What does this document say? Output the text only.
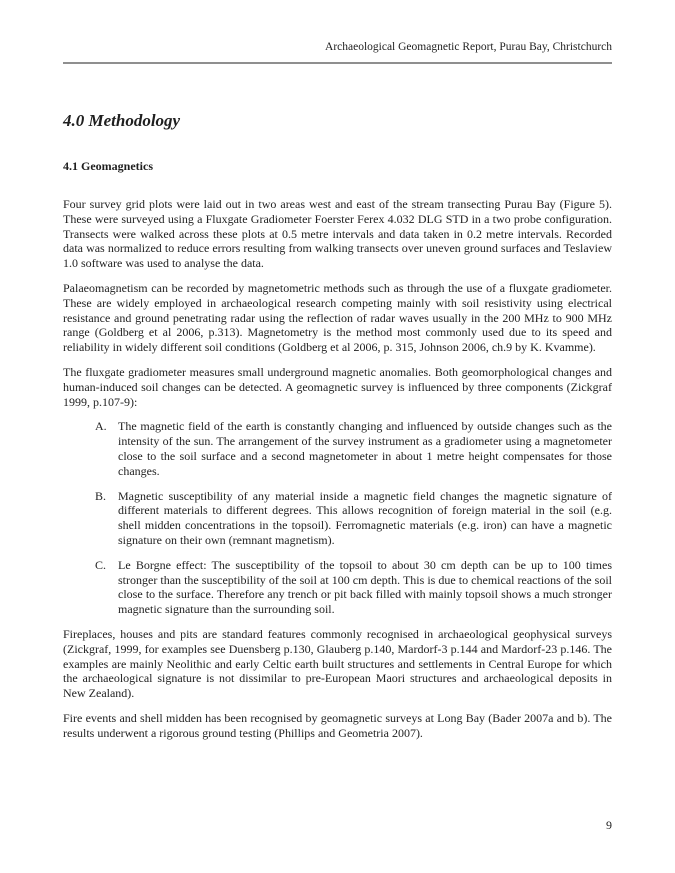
Archaeological Geomagnetic Report, Purau Bay, Christchurch
4.0 Methodology
4.1 Geomagnetics

Four survey grid plots were laid out in two areas west and east of the stream transecting Purau Bay (Figure 5). These were surveyed using a Fluxgate Gradiometer Foerster Ferex 4.032 DLG STD in a two probe configuration. Transects were walked across these plots at 0.5 metre intervals and data taken in 0.2 metre intervals. Recorded data was normalized to reduce errors resulting from walking transects over uneven ground surfaces and Teslaview 1.0 software was used to analyse the data.

Palaeomagnetism can be recorded by magnetometric methods such as through the use of a fluxgate gradiometer. These are widely employed in archaeological research competing mainly with soil resistivity using electrical resistance and ground penetrating radar using the reflection of radar waves usually in the 200 MHz to 900 MHz range (Goldberg et al 2006, p.313). Magnetometry is the method most commonly used due to its speed and reliability in widely different soil conditions (Goldberg et al 2006, p. 315, Johnson 2006, ch.9 by K. Kvamme).

The fluxgate gradiometer measures small underground magnetic anomalies. Both geomorphological changes and human-induced soil changes can be detected. A geomagnetic survey is influenced by three components (Zickgraf 1999, p.107-9):

A. The magnetic field of the earth is constantly changing and influenced by outside changes such as the intensity of the sun. The arrangement of the survey instrument as a gradiometer using a magnetometer close to the soil surface and a second magnetometer in about 1 metre height compensates for those changes.
B. Magnetic susceptibility of any material inside a magnetic field changes the magnetic signature of different materials to different degrees. This allows recognition of foreign material in the soil (e.g. shell midden concentrations in the topsoil). Ferromagnetic materials (e.g. iron) can have a magnetic signature on their own (remnant magnetism).
C. Le Borgne effect: The susceptibility of the topsoil to about 30 cm depth can be up to 100 times stronger than the susceptibility of the soil at 100 cm depth. This is due to chemical reactions of the soil close to the surface. Therefore any trench or pit back filled with mainly topsoil shows a much stronger magnetic signature than the surrounding soil.

Fireplaces, houses and pits are standard features commonly recognised in archaeological geophysical surveys (Zickgraf, 1999, for examples see Duensberg p.130, Glauberg p.140, Mardorf-3 p.144 and Mardorf-23 p.146. The examples are mainly Neolithic and early Celtic earth built structures and settlements in Central Europe for which the archaeological signature is not dissimilar to pre-European Maori structures and archaeological deposits in New Zealand).

Fire events and shell midden has been recognised by geomagnetic surveys at Long Bay (Bader 2007a and b). The results underwent a rigorous ground testing (Phillips and Geometria 2007).

9
